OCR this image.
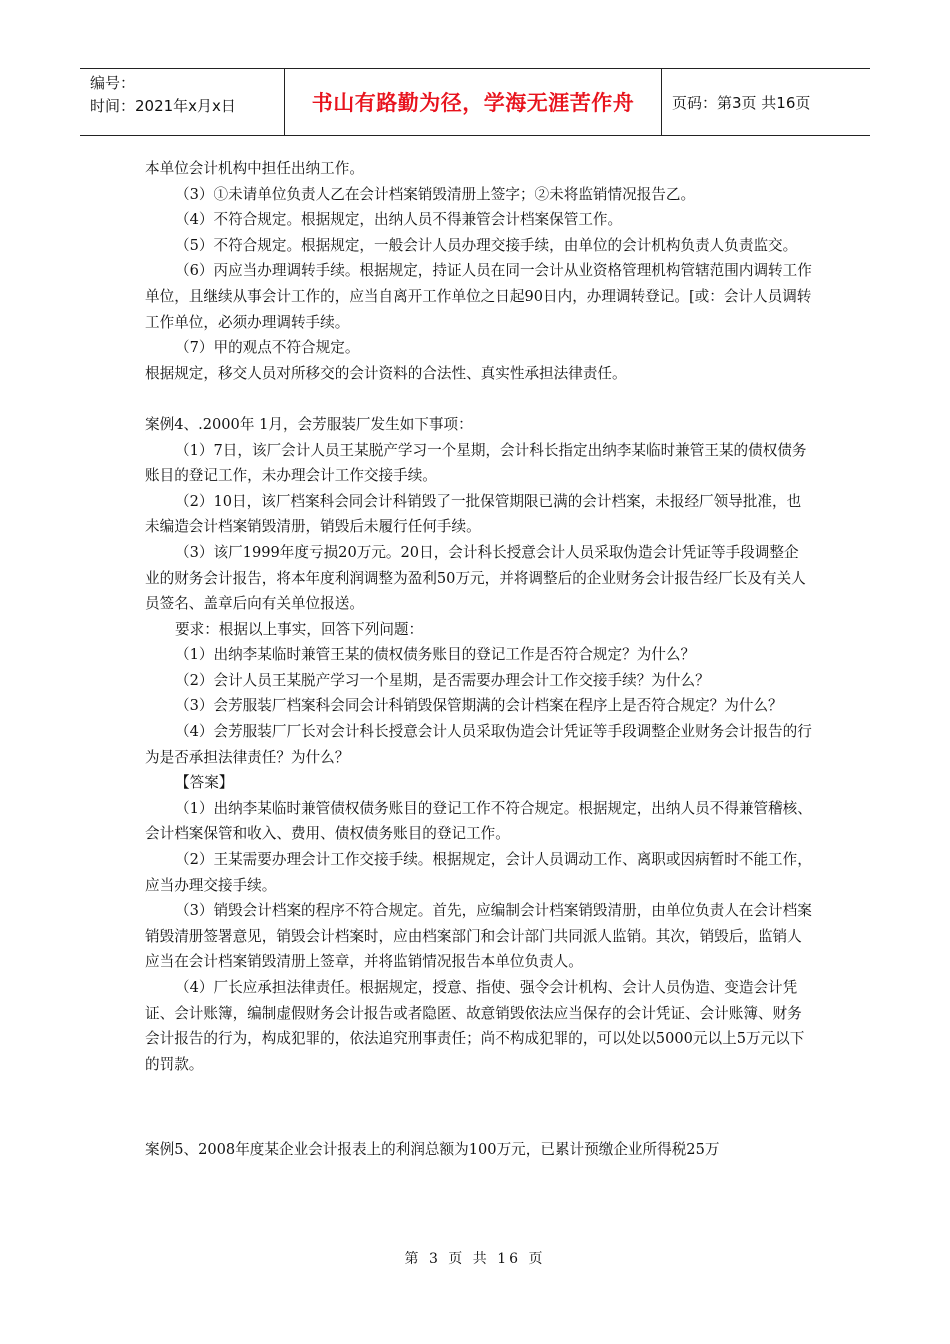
编号：
时间：2021年x月x日	书山有路勤为径，学海无涯苦作舟	页码：第3页 共16页

本单位会计机构中担任出纳工作。

（3）①未请单位负责人乙在会计档案销毁清册上签字；②未将监销情况报告乙。

（4）不符合规定。根据规定，出纳人员不得兼管会计档案保管工作。

（5）不符合规定。根据规定，一般会计人员办理交接手续，由单位的会计机构负责人负责监交。

（6）丙应当办理调转手续。根据规定，持证人员在同一会计从业资格管理机构管辖范围内调转工作单位，且继续从事会计工作的，应当自离开工作单位之日起90日内，办理调转登记。[或：会计人员调转工作单位，必须办理调转手续。

（7）甲的观点不符合规定。

根据规定，移交人员对所移交的会计资料的合法性、真实性承担法律责任。

案例4、.2000年 1月，会芳服装厂发生如下事项：

（1）7日，该厂会计人员王某脱产学习一个星期，会计科长指定出纳李某临时兼管王某的债权债务账目的登记工作，未办理会计工作交接手续。

（2）10日，该厂档案科会同会计科销毁了一批保管期限已满的会计档案，未报经厂领导批准，也未编造会计档案销毁清册，销毁后未履行任何手续。

（3）该厂1999年度亏损20万元。20日，会计科长授意会计人员采取伪造会计凭证等手段调整企业的财务会计报告，将本年度利润调整为盈利50万元，并将调整后的企业财务会计报告经厂长及有关人员签名、盖章后向有关单位报送。

要求：根据以上事实，回答下列问题：

（1）出纳李某临时兼管王某的债权债务账目的登记工作是否符合规定？为什么？

（2）会计人员王某脱产学习一个星期，是否需要办理会计工作交接手续？为什么？

（3）会芳服装厂档案科会同会计科销毁保管期满的会计档案在程序上是否符合规定？为什么？

（4）会芳服装厂厂长对会计科长授意会计人员采取伪造会计凭证等手段调整企业财务会计报告的行为是否承担法律责任？为什么？

【答案】

（1）出纳李某临时兼管债权债务账目的登记工作不符合规定。根据规定，出纳人员不得兼管稽核、会计档案保管和收入、费用、债权债务账目的登记工作。

（2）王某需要办理会计工作交接手续。根据规定，会计人员调动工作、离职或因病暂时不能工作，应当办理交接手续。

（3）销毁会计档案的程序不符合规定。首先，应编制会计档案销毁清册，由单位负责人在会计档案销毁清册签署意见，销毁会计档案时，应由档案部门和会计部门共同派人监销。其次，销毁后，监销人应当在会计档案销毁清册上签章，并将监销情况报告本单位负责人。

（4）厂长应承担法律责任。根据规定，授意、指使、强令会计机构、会计人员伪造、变造会计凭证、会计账簿，编制虚假财务会计报告或者隐匿、故意销毁依法应当保存的会计凭证、会计账簿、财务会计报告的行为，构成犯罪的，依法追究刑事责任；尚不构成犯罪的，可以处以5000元以上5万元以下的罚款。

案例5、2008年度某企业会计报表上的利润总额为100万元，已累计预缴企业所得税25万

第 3 页 共 16 页
